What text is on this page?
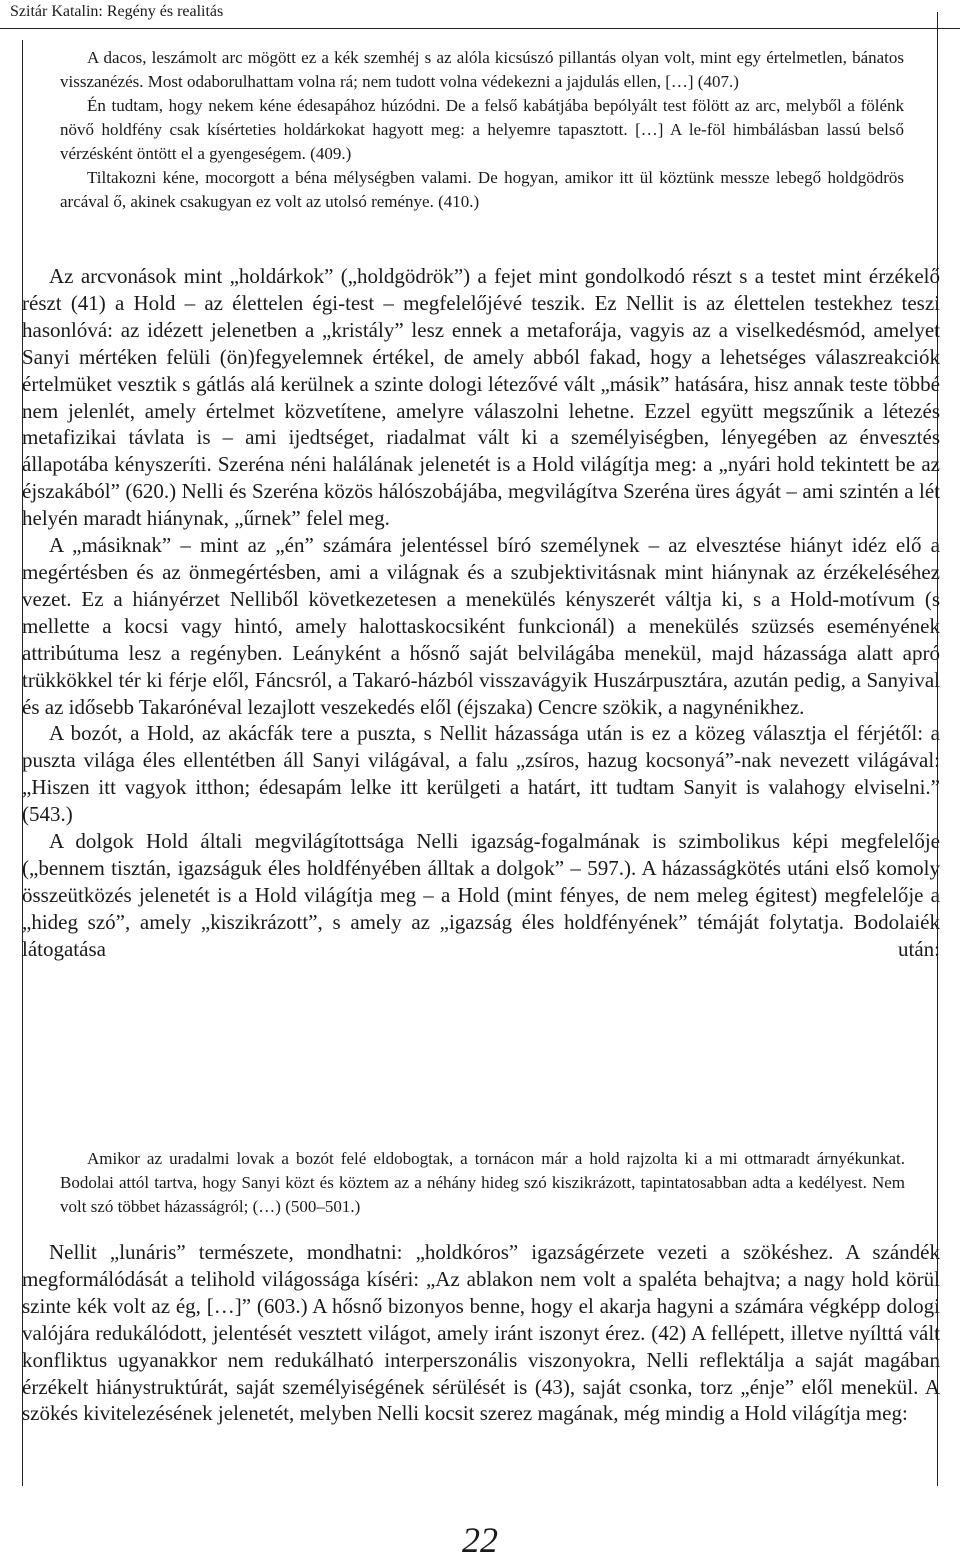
Szitár Katalin: Regény és realitás

A dacos, leszámolt arc mögött ez a kék szemhéj s az alóla kicsúszó pillantás olyan volt, mint egy értelmetlen, bánatos visszanézés. Most odaborulhattam volna rá; nem tudott volna védekezni a jajdulás ellen, […] (407.)

Én tudtam, hogy nekem kéne édesapához húzódni. De a felső kabátjába bepólyált test fölött az arc, melyből a fölénk növő holdfény csak kísérteties holdárkokat hagyott meg: a helyemre tapasztott. […] A le-föl himbálásban lassú belső vérzésként öntött el a gyengeségem. (409.)

Tiltakozni kéne, mocorgott a béna mélységben valami. De hogyan, amikor itt ül köztünk messze lebegő holdgödrös arcával ő, akinek csakugyan ez volt az utolsó reménye. (410.)

Az arcvonások mint „holdárkok” („holdgödrök”) a fejet mint gondolkodó részt s a testet mint érzékelő részt (41) a Hold – az élettelen égi-test – megfelelőjévé teszik. Ez Nellit is az élettelen testekhez teszi hasonlóvá: az idézett jelenetben a „kristály” lesz ennek a metaforája, vagyis az a viselkedésmód, amelyet Sanyi mértéken felüli (ön)fegyelemnek értékel, de amely abból fakad, hogy a lehetséges válaszreakciók értelmüket vesztik s gátlás alá kerülnek a szinte dologi létezővé vált „másik” hatására, hisz annak teste többé nem jelenlét, amely értelmet közvetítene, amelyre válaszolni lehetne. Ezzel együtt megszűnik a létezés metafizikai távlata is – ami ijedtséget, riadalmat vált ki a személyiségben, lényegében az énvesztés állapotába kényszeríti. Szeréna néni halálának jelenetét is a Hold világítja meg: a „nyári hold tekintett be az éjszakából” (620.) Nelli és Szeréna közös hálószobájába, megvilágítva Szeréna üres ágyát – ami szintén a lét helyén maradt hiánynak, „űrnek” felel meg.

A „másiknak” – mint az „én” számára jelentéssel bíró személynek – az elvesztése hiányt idéz elő a megértésben és az önmegértésben, ami a világnak és a szubjektivitásnak mint hiánynak az érzékeléséhez vezet. Ez a hiányérzet Nelliből következetesen a menekülés kényszerét váltja ki, s a Hold-motívum (s mellette a kocsi vagy hintó, amely halottaskocsiként funkcionál) a menekülés szüzsés eseményének attribútuma lesz a regényben. Leányként a hősnő saját belvilágába menekül, majd házassága alatt apró trükkökkel tér ki férje elől, Fáncsról, a Takaró-házból visszavágyik Huszárpusztára, azután pedig, a Sanyival és az idősebb Takarónéval lezajlott veszekedés elől (éjszaka) Cencre szökik, a nagynénikhez.

A bozót, a Hold, az akácfák tere a puszta, s Nellit házassága után is ez a közeg választja el férjétől: a puszta világa éles ellentétben áll Sanyi világával, a falu „zsíros, hazug kocsonyá”-nak nevezett világával: „Hiszen itt vagyok itthon; édesapám lelke itt kerülgeti a határt, itt tudtam Sanyit is valahogy elviselni.” (543.)

A dolgok Hold általi megvilágítottsága Nelli igazság-fogalmának is szimbolikus képi megfelelője („bennem tisztán, igazságuk éles holdfényében álltak a dolgok” – 597.). A házasságkötés utáni első komoly összeütközés jelenetét is a Hold világítja meg – a Hold (mint fényes, de nem meleg égitest) megfelelője a „hideg szó”, amely „kiszikrázott”, s amely az „igazság éles holdfényének” témáját folytatja. Bodolaiék látogatása után:

Amikor az uradalmi lovak a bozót felé eldobogtak, a tornácon már a hold rajzolta ki a mi ottmaradt árnyékunkat. Bodolai attól tartva, hogy Sanyi közt és köztem az a néhány hideg szó kiszikrázott, tapintatosabban adta a kedélyest. Nem volt szó többet házasságról; (…) (500–501.)

Nellit „lunáris” természete, mondhatni: „holdkóros” igazságérzete vezeti a szökéshez. A szándék megformálódását a telihold világossága kíséri: „Az ablakon nem volt a spaléta behajtva; a nagy hold körül szinte kék volt az ég, […]” (603.) A hősnő bizonyos benne, hogy el akarja hagyni a számára végképp dologi valójára redukálódott, jelentését vesztett világot, amely iránt iszonyt érez. (42) A fellépett, illetve nyílttá vált konfliktus ugyanakkor nem redukálható interperszonális viszonyokra, Nelli reflektálja a saját magában érzékelt hiánystruktúrát, saját személyiségének sérülését is (43), saját csonka, torz „énje” elől menekül. A szökés kivitelezésének jelenetét, melyben Nelli kocsit szerez magának, még mindig a Hold világítja meg:

22
